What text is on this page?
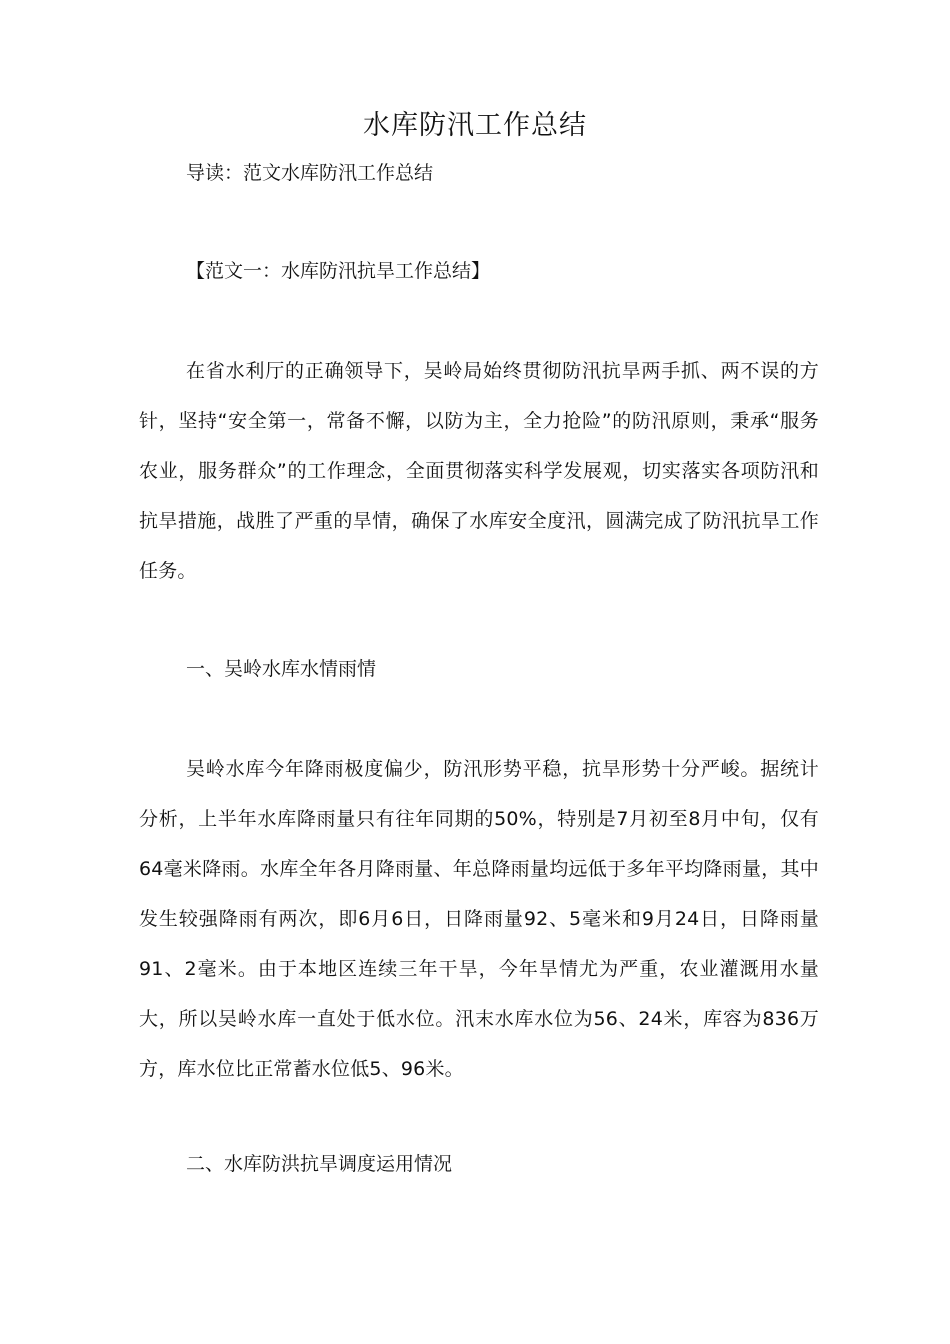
水库防汛工作总结
导读：范文水库防汛工作总结
【范文一：水库防汛抗旱工作总结】
在省水利厅的正确领导下，吴岭局始终贯彻防汛抗旱两手抓、两不误的方针，坚持“安全第一，常备不懈，以防为主，全力抢险”的防汛原则，秉承“服务农业，服务群众”的工作理念，全面贯彻落实科学发展观，切实落实各项防汛和抗旱措施，战胜了严重的旱情，确保了水库安全度汛，圆满完成了防汛抗旱工作任务。
一、吴岭水库水情雨情
吴岭水库今年降雨极度偏少，防汛形势平稳，抗旱形势十分严峻。据统计分析，上半年水库降雨量只有往年同期的50%，特别是7月初至8月中旬，仅有64毫米降雨。水库全年各月降雨量、年总降雨量均远低于多年平均降雨量，其中发生较强降雨有两次，即6月6日，日降雨量92、5毫米和9月24日，日降雨量91、2毫米。由于本地区连续三年干旱，今年旱情尤为严重，农业灌溉用水量大，所以吴岭水库一直处于低水位。汛末水库水位为56、24米，库容为836万方，库水位比正常蓄水位低5、96米。
二、水库防洪抗旱调度运用情况
